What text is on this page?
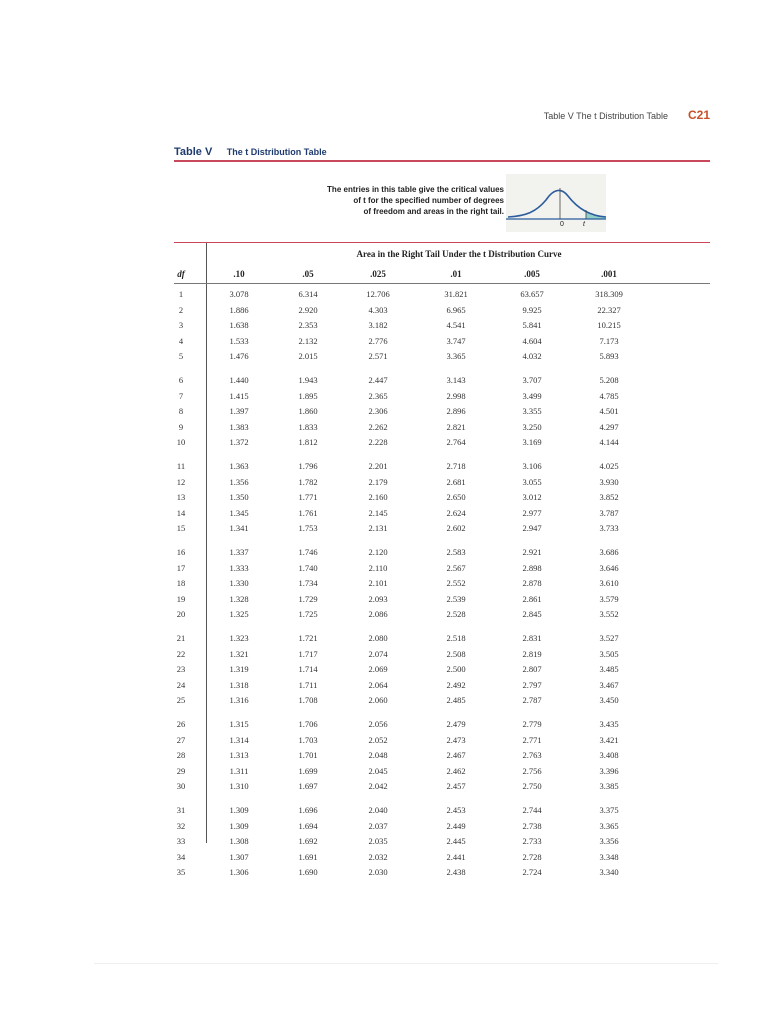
Table V The t Distribution Table C21
Table V The t Distribution Table
The entries in this table give the critical values
of t for the specified number of degrees
of freedom and areas in the right tail.
0	t
Area in the Right Tail Under the t Distribution Curve
df	.10	.05	.025	.01	.005	.001
1	3.078	6.314	12.706	31.821	63.657	318.309
2	1.886	2.920	4.303	6.965	9.925	22.327
3	1.638	2.353	3.182	4.541	5.841	10.215
4	1.533	2.132	2.776	3.747	4.604	7.173
5	1.476	2.015	2.571	3.365	4.032	5.893
6	1.440	1.943	2.447	3.143	3.707	5.208
7	1.415	1.895	2.365	2.998	3.499	4.785
8	1.397	1.860	2.306	2.896	3.355	4.501
9	1.383	1.833	2.262	2.821	3.250	4.297
10	1.372	1.812	2.228	2.764	3.169	4.144
11	1.363	1.796	2.201	2.718	3.106	4.025
12	1.356	1.782	2.179	2.681	3.055	3.930
13	1.350	1.771	2.160	2.650	3.012	3.852
14	1.345	1.761	2.145	2.624	2.977	3.787
15	1.341	1.753	2.131	2.602	2.947	3.733
16	1.337	1.746	2.120	2.583	2.921	3.686
17	1.333	1.740	2.110	2.567	2.898	3.646
18	1.330	1.734	2.101	2.552	2.878	3.610
19	1.328	1.729	2.093	2.539	2.861	3.579
20	1.325	1.725	2.086	2.528	2.845	3.552
21	1.323	1.721	2.080	2.518	2.831	3.527
22	1.321	1.717	2.074	2.508	2.819	3.505
23	1.319	1.714	2.069	2.500	2.807	3.485
24	1.318	1.711	2.064	2.492	2.797	3.467
25	1.316	1.708	2.060	2.485	2.787	3.450
26	1.315	1.706	2.056	2.479	2.779	3.435
27	1.314	1.703	2.052	2.473	2.771	3.421
28	1.313	1.701	2.048	2.467	2.763	3.408
29	1.311	1.699	2.045	2.462	2.756	3.396
30	1.310	1.697	2.042	2.457	2.750	3.385
31	1.309	1.696	2.040	2.453	2.744	3.375
32	1.309	1.694	2.037	2.449	2.738	3.365
33	1.308	1.692	2.035	2.445	2.733	3.356
34	1.307	1.691	2.032	2.441	2.728	3.348
35	1.306	1.690	2.030	2.438	2.724	3.340
